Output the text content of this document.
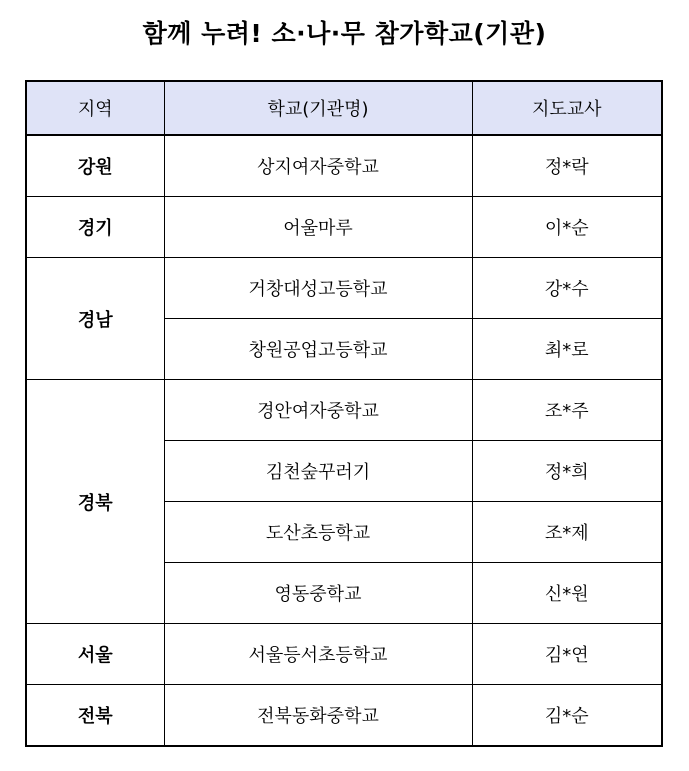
함께 누려! 소·나·무 참가학교(기관)
지역	학교(기관명)	지도교사
강원	상지여자중학교	정*락
경기	어울마루	이*순
경남	거창대성고등학교	강*수
	창원공업고등학교	최*로
경북	경안여자중학교	조*주
	김천숲꾸러기	정*희
	도산초등학교	조*제
	영동중학교	신*원
서울	서울등서초등학교	김*연
전북	전북동화중학교	김*순
